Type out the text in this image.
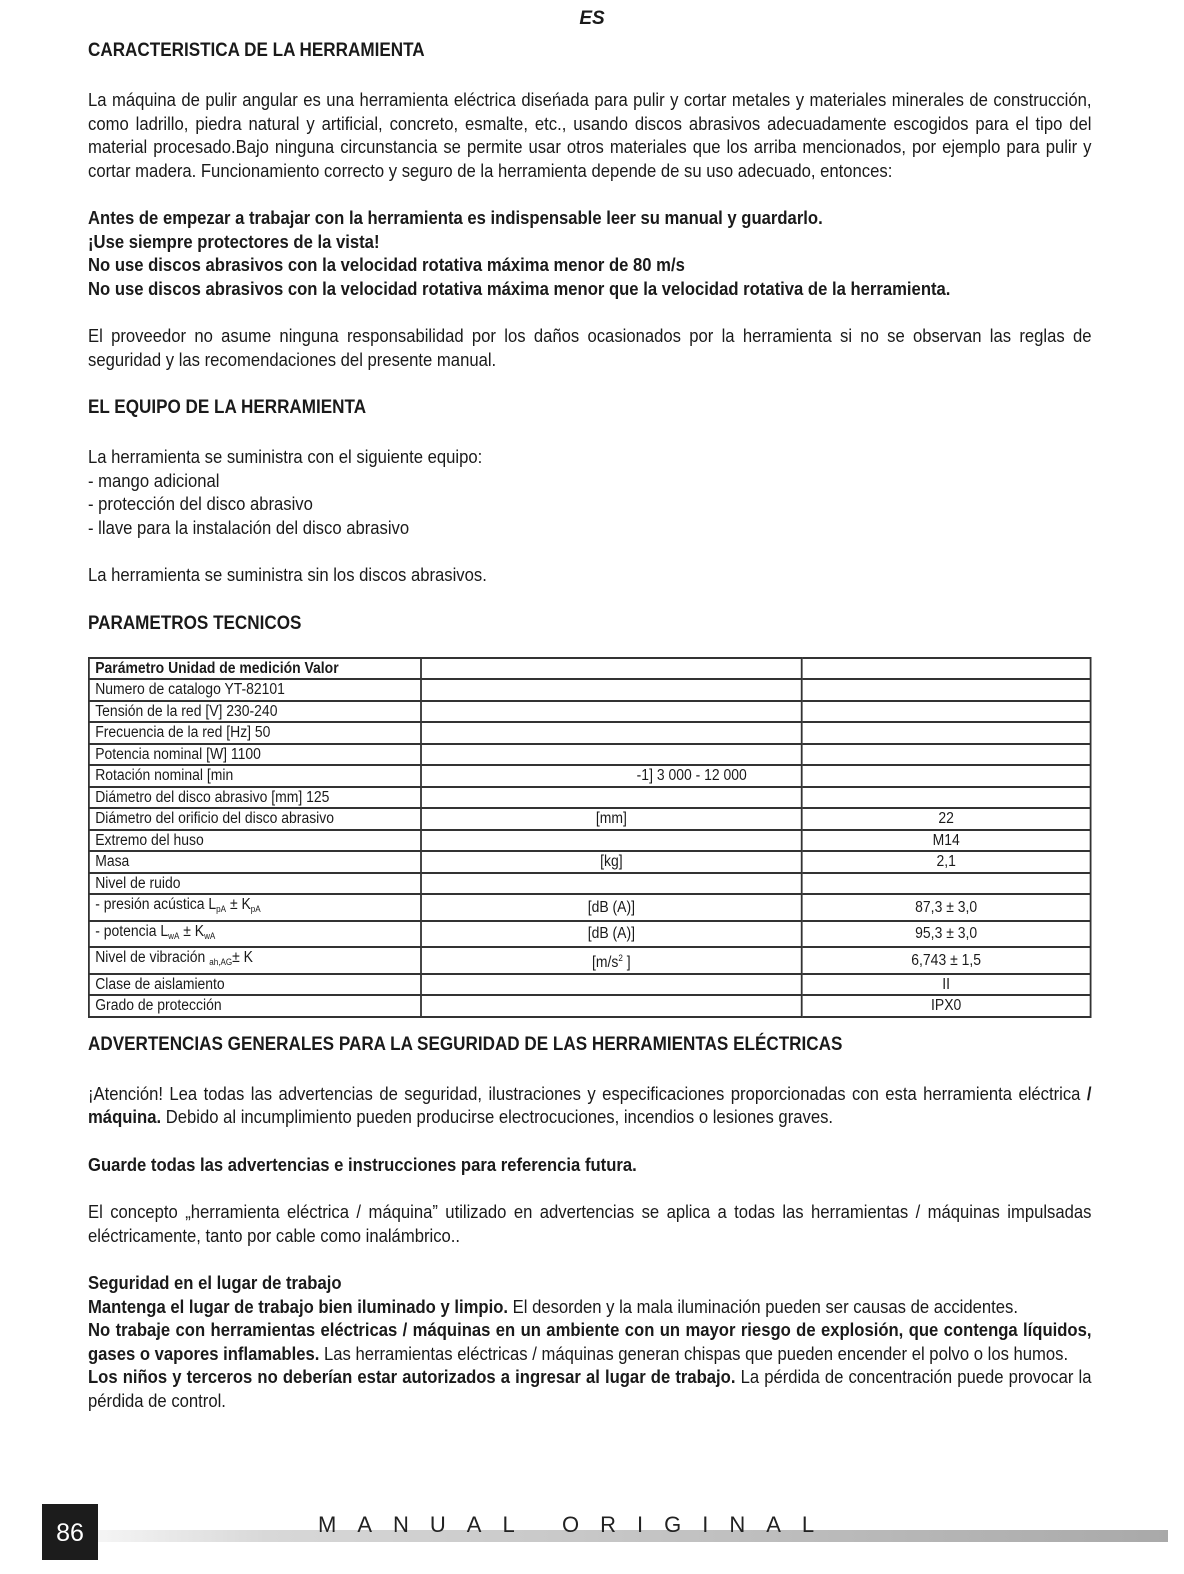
ES
CARACTERISTICA DE LA HERRAMIENTA

La máquina de pulir angular es una herramienta eléctrica diseńada para pulir y cortar metales y materiales minerales de construcción, como ladrillo, piedra natural y artificial, concreto, esmalte, etc., usando discos abrasivos adecuadamente escogidos para el tipo del material procesado.Bajo ninguna circunstancia se permite usar otros materiales que los arriba mencionados, por ejemplo para pulir y cortar madera. Funcionamiento correcto y seguro de la herramienta depende de su uso adecuado, entonces:

Antes de empezar a trabajar con la herramienta es indispensable leer su manual y guardarlo.

¡Use siempre protectores de la vista!

No use discos abrasivos con la velocidad rotativa máxima menor de 80 m/s

No use discos abrasivos con la velocidad rotativa máxima menor que la velocidad rotativa de la herramienta.

El proveedor no asume ninguna responsabilidad por los daños ocasionados por la herramienta si no se observan las reglas de seguridad y las recomendaciones del presente manual.

EL EQUIPO DE LA HERRAMIENTA

La herramienta se suministra con el siguiente equipo:

- mango adicional
- protección del disco abrasivo
- llave para la instalación del disco abrasivo

La herramienta se suministra sin los discos abrasivos.

PARAMETROS TECNICOS
Parámetro Unidad de medición Valor		
Numero de catalogo YT-82101		
Tensión de la red [V] 230-240		
Frecuencia de la red [Hz] 50		
Potencia nominal [W] 1100		
Rotación nominal [min	-1] 3 000 - 12 000	
Diámetro del disco abrasivo [mm] 125		
Diámetro del orificio del disco abrasivo	[mm]	22
Extremo del huso		M14
Masa	[kg]	2,1
Nivel de ruido		
- presión acústica $L_{pA} \pm K_{pA}$	[dB (A)]	87,3 ± 3,0
- potencia $L_{wA} \pm K_{wA}$	[dB (A)]	95,3 ± 3,0
Nivel de vibración $_{ah,AG}$± K	[$m/s^2$ ]	6,743 ± 1,5
Clase de aislamiento		II
Grado de protección		IPX0
ADVERTENCIAS GENERALES PARA LA SEGURIDAD DE LAS HERRAMIENTAS ELÉCTRICAS

¡Atención! Lea todas las advertencias de seguridad, ilustraciones y especificaciones proporcionadas con esta herramienta eléctrica / máquina. Debido al incumplimiento pueden producirse electrocuciones, incendios o lesiones graves.

Guarde todas las advertencias e instrucciones para referencia futura.

El concepto „herramienta eléctrica / máquina” utilizado en advertencias se aplica a todas las herramientas / máquinas impulsadas eléctricamente, tanto por cable como inalámbrico..

Seguridad en el lugar de trabajo

Mantenga el lugar de trabajo bien iluminado y limpio. El desorden y la mala iluminación pueden ser causas de accidentes.

No trabaje con herramientas eléctricas / máquinas en un ambiente con un mayor riesgo de explosión, que contenga líquidos, gases o vapores inflamables. Las herramientas eléctricas / máquinas generan chispas que pueden encender el polvo o los humos.

Los niños y terceros no deberían estar autorizados a ingresar al lugar de trabajo. La pérdida de concentración puede provocar la pérdida de control.

86	MANUAL ORIGINAL
